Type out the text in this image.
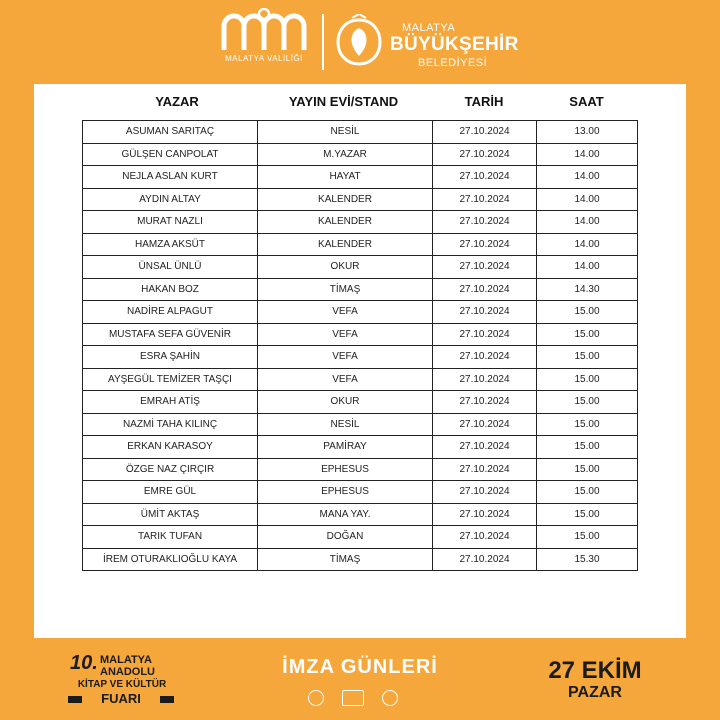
MALATYA VALİLİĞİ
MALATYA
BÜYÜKŞEHİR
BELEDİYESİ
YAZAR	YAYIN EVİ/STAND	TARİH	SAAT
ASUMAN SARITAÇ	NESİL	27.10.2024	13.00
GÜLŞEN CANPOLAT	M.YAZAR	27.10.2024	14.00
NEJLA ASLAN KURT	HAYAT	27.10.2024	14.00
AYDIN ALTAY	KALENDER	27.10.2024	14.00
MURAT NAZLI	KALENDER	27.10.2024	14.00
HAMZA AKSÜT	KALENDER	27.10.2024	14.00
ÜNSAL ÜNLÜ	OKUR	27.10.2024	14.00
HAKAN BOZ	TİMAŞ	27.10.2024	14.30
NADİRE ALPAGUT	VEFA	27.10.2024	15.00
MUSTAFA SEFA GÜVENİR	VEFA	27.10.2024	15.00
ESRA ŞAHİN	VEFA	27.10.2024	15.00
AYŞEGÜL TEMİZER TAŞÇI	VEFA	27.10.2024	15.00
EMRAH ATİŞ	OKUR	27.10.2024	15.00
NAZMİ TAHA KILINÇ	NESİL	27.10.2024	15.00
ERKAN KARASOY	PAMİRAY	27.10.2024	15.00
ÖZGE NAZ ÇIRÇIR	EPHESUS	27.10.2024	15.00
EMRE GÜL	EPHESUS	27.10.2024	15.00
ÜMİT AKTAŞ	MANA YAY.	27.10.2024	15.00
TARIK TUFAN	DOĞAN	27.10.2024	15.00
İREM OTURAKLIOĞLU KAYA	TİMAŞ	27.10.2024	15.30
10. MALATYA
ANADOLU
KİTAP VE KÜLTÜR
FUARI
İMZA GÜNLERİ	27 EKİM
PAZAR
